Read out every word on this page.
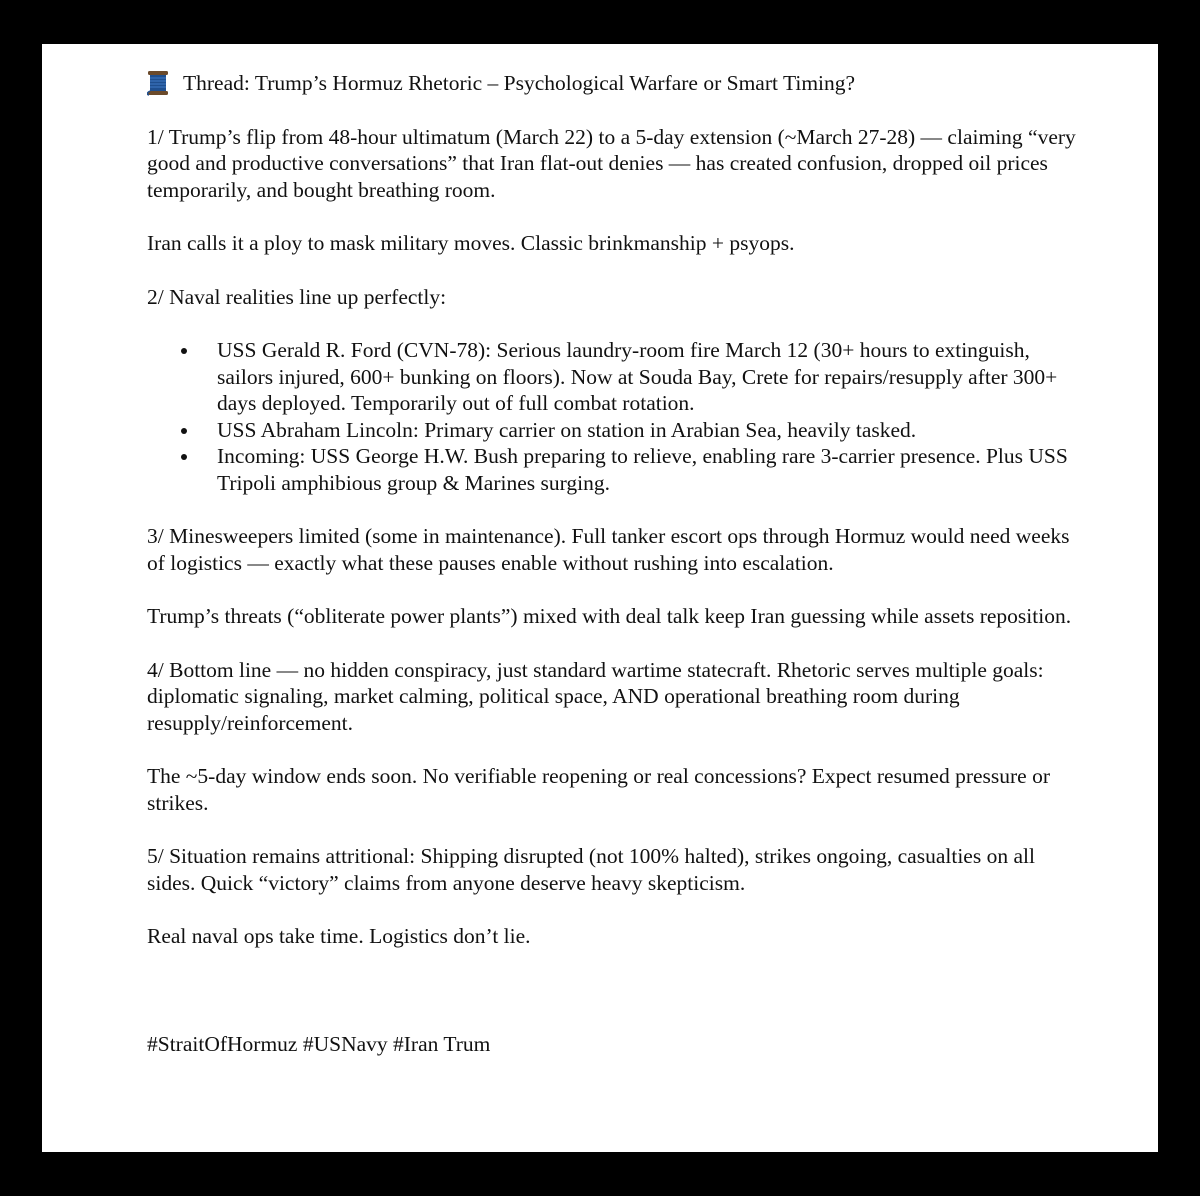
Thread: Trump’s Hormuz Rhetoric – Psychological Warfare or Smart Timing?

1/ Trump’s flip from 48-hour ultimatum (March 22) to a 5-day extension (~March 27-28) — claiming “very good and productive conversations” that Iran flat-out denies — has created confusion, dropped oil prices temporarily, and bought breathing room.

Iran calls it a ploy to mask military moves. Classic brinkmanship + psyops.

2/ Naval realities line up perfectly:

USS Gerald R. Ford (CVN-78): Serious laundry-room fire March 12 (30+ hours to extinguish, sailors injured, 600+ bunking on floors). Now at Souda Bay, Crete for repairs/resupply after 300+ days deployed. Temporarily out of full combat rotation.
USS Abraham Lincoln: Primary carrier on station in Arabian Sea, heavily tasked.
Incoming: USS George H.W. Bush preparing to relieve, enabling rare 3-carrier presence. Plus USS Tripoli amphibious group & Marines surging.

3/ Minesweepers limited (some in maintenance). Full tanker escort ops through Hormuz would need weeks of logistics — exactly what these pauses enable without rushing into escalation.

Trump’s threats (“obliterate power plants”) mixed with deal talk keep Iran guessing while assets reposition.

4/ Bottom line — no hidden conspiracy, just standard wartime statecraft. Rhetoric serves multiple goals: diplomatic signaling, market calming, political space, AND operational breathing room during resupply/reinforcement.

The ~5-day window ends soon. No verifiable reopening or real concessions? Expect resumed pressure or strikes.

5/ Situation remains attritional: Shipping disrupted (not 100% halted), strikes ongoing, casualties on all sides. Quick “victory” claims from anyone deserve heavy skepticism.

Real naval ops take time. Logistics don’t lie.

#StraitOfHormuz #USNavy #Iran Trum
